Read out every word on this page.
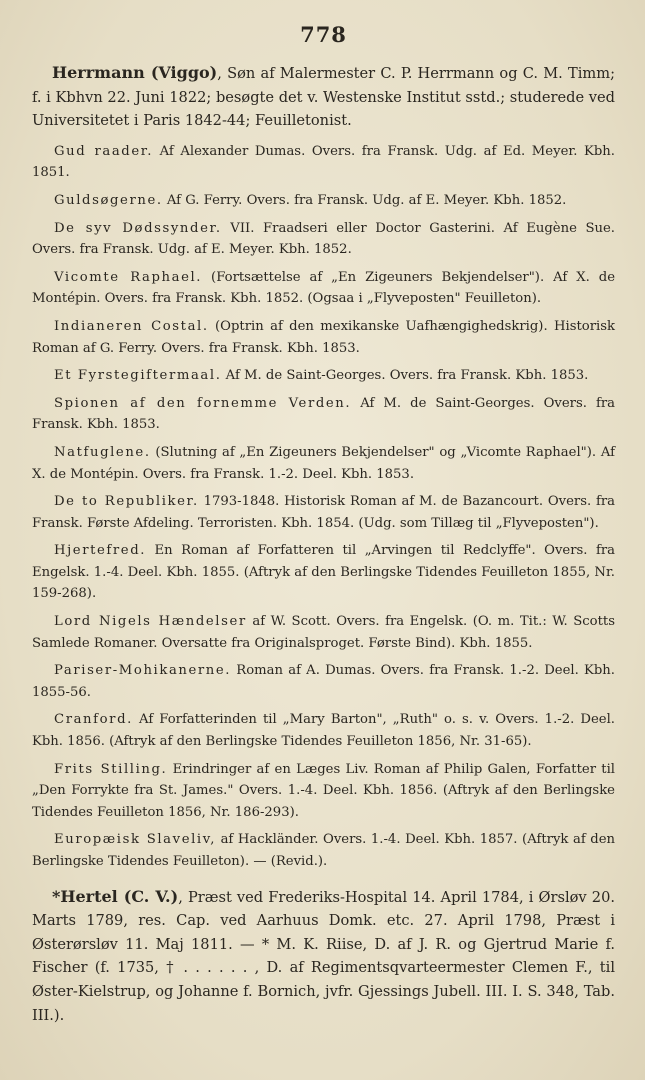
778

Herrmann (Viggo), Søn af Malermester C. P. Herrmann og C. M. Timm; f. i Kbhvn 22. Juni 1822; besøgte det v. Westenske Institut sstd.; studerede ved Universitetet i Paris 1842-44; Feuilletonist.

Gud raader. Af Alexander Dumas. Overs. fra Fransk. Udg. af Ed. Meyer. Kbh. 1851.

Guldsøgerne. Af G. Ferry. Overs. fra Fransk. Udg. af E. Meyer. Kbh. 1852.

De syv Dødssynder. VII. Fraadseri eller Doctor Gasterini. Af Eugène Sue. Overs. fra Fransk. Udg. af E. Meyer. Kbh. 1852.

Vicomte Raphael. (Fortsættelse af „En Zigeuners Bekjendelser"). Af X. de Montépin. Overs. fra Fransk. Kbh. 1852. (Ogsaa i „Flyveposten" Feuilleton).

Indianeren Costal. (Optrin af den mexikanske Uafhængighedskrig). Historisk Roman af G. Ferry. Overs. fra Fransk. Kbh. 1853.

Et Fyrstegiftermaal. Af M. de Saint-Georges. Overs. fra Fransk. Kbh. 1853.

Spionen af den fornemme Verden. Af M. de Saint-Georges. Overs. fra Fransk. Kbh. 1853.

Natfuglene. (Slutning af „En Zigeuners Bekjendelser" og „Vicomte Raphael"). Af X. de Montépin. Overs. fra Fransk. 1.-2. Deel. Kbh. 1853.

De to Republiker. 1793-1848. Historisk Roman af M. de Bazancourt. Overs. fra Fransk. Første Afdeling. Terroristen. Kbh. 1854. (Udg. som Tillæg til „Flyveposten").

Hjertefred. En Roman af Forfatteren til „Arvingen til Redclyffe". Overs. fra Engelsk. 1.-4. Deel. Kbh. 1855. (Aftryk af den Berlingske Tidendes Feuilleton 1855, Nr. 159-268).

Lord Nigels Hændelser af W. Scott. Overs. fra Engelsk. (O. m. Tit.: W. Scotts Samlede Romaner. Oversatte fra Originalsproget. Første Bind). Kbh. 1855.

Pariser-Mohikanerne. Roman af A. Dumas. Overs. fra Fransk. 1.-2. Deel. Kbh. 1855-56.

Cranford. Af Forfatterinden til „Mary Barton", „Ruth" o. s. v. Overs. 1.-2. Deel. Kbh. 1856. (Aftryk af den Berlingske Tidendes Feuilleton 1856, Nr. 31-65).

Frits Stilling. Erindringer af en Læges Liv. Roman af Philip Galen, Forfatter til „Den Forrykte fra St. James." Overs. 1.-4. Deel. Kbh. 1856. (Aftryk af den Berlingske Tidendes Feuilleton 1856, Nr. 186-293).

Europæisk Slaveliv, af Hackländer. Overs. 1.-4. Deel. Kbh. 1857. (Aftryk af den Berlingske Tidendes Feuilleton). — (Revid.).

*Hertel (C. V.), Præst ved Frederiks-Hospital 14. April 1784, i Ørsløv 20. Marts 1789, res. Cap. ved Aarhuus Domk. etc. 27. April 1798, Præst i Østerørsløv 11. Maj 1811. — * M. K. Riise, D. af J. R. og Gjertrud Marie f. Fischer (f. 1735, † . . . . . . , D. af Regimentsqvarteermester Clemen F., til Øster-Kielstrup, og Johanne f. Bornich, jvfr. Gjessings Jubell. III. I. S. 348, Tab. III.).
